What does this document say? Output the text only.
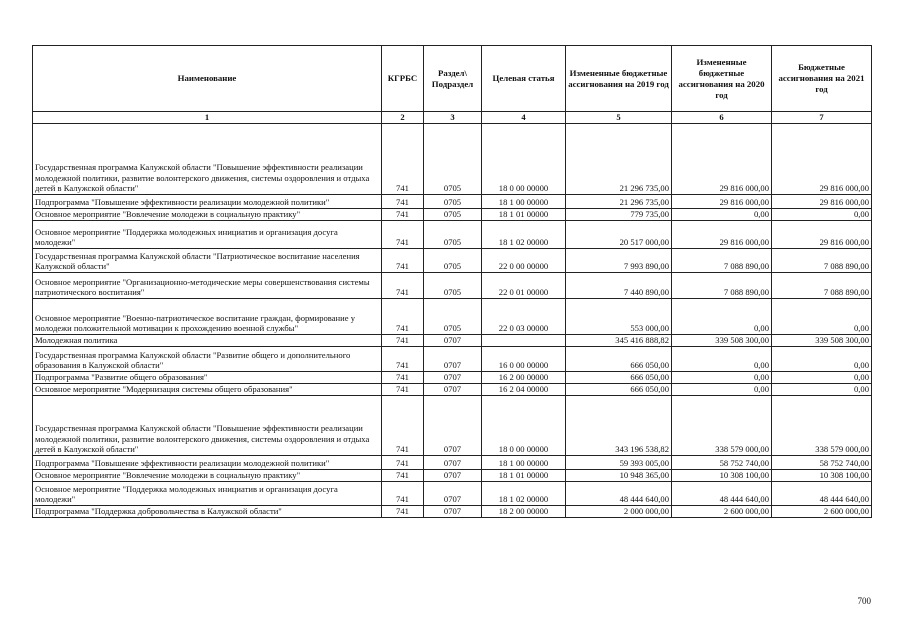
Наименование	КГРБС	Раздел\ Подраздел	Целевая статья	Измененные бюджетные ассигнования на 2019 год	Измененные бюджетные ассигнования на 2020 год	Бюджетные ассигнования на 2021 год
1	2	3	4	5	6	7
Государственная программа Калужской области "Повышение эффективности реализации молодежной политики, развитие волонтерского движения, системы оздоровления и отдыха детей в Калужской области"	741	0705	18 0 00 00000	21 296 735,00	29 816 000,00	29 816 000,00
Подпрограмма "Повышение эффективности реализации молодежной политики"	741	0705	18 1 00 00000	21 296 735,00	29 816 000,00	29 816 000,00
Основное мероприятие "Вовлечение молодежи в социальную практику"	741	0705	18 1 01 00000	779 735,00	0,00	0,00
Основное мероприятие "Поддержка молодежных инициатив и организация досуга молодежи"	741	0705	18 1 02 00000	20 517 000,00	29 816 000,00	29 816 000,00
Государственная программа Калужской области "Патриотическое воспитание населения Калужской области"	741	0705	22 0 00 00000	7 993 890,00	7 088 890,00	7 088 890,00
Основное мероприятие "Организационно-методические меры совершенствования системы патриотического воспитания"	741	0705	22 0 01 00000	7 440 890,00	7 088 890,00	7 088 890,00
Основное мероприятие "Военно-патриотическое воспитание граждан, формирование у молодежи положительной мотивации к прохождению военной службы"	741	0705	22 0 03 00000	553 000,00	0,00	0,00
Молодежная политика	741	0707		345 416 888,82	339 508 300,00	339 508 300,00
Государственная программа Калужской области "Развитие общего и дополнительного образования в Калужской области"	741	0707	16 0 00 00000	666 050,00	0,00	0,00
Подпрограмма "Развитие общего образования"	741	0707	16 2 00 00000	666 050,00	0,00	0,00
Основное мероприятие "Модернизация системы общего образования"	741	0707	16 2 04 00000	666 050,00	0,00	0,00
Государственная программа Калужской области "Повышение эффективности реализации молодежной политики, развитие волонтерского движения, системы оздоровления и отдыха детей в Калужской области"	741	0707	18 0 00 00000	343 196 538,82	338 579 000,00	338 579 000,00
Подпрограмма "Повышение эффективности реализации молодежной политики"	741	0707	18 1 00 00000	59 393 005,00	58 752 740,00	58 752 740,00
Основное мероприятие "Вовлечение молодежи в социальную практику"	741	0707	18 1 01 00000	10 948 365,00	10 308 100,00	10 308 100,00
Основное мероприятие "Поддержка молодежных инициатив и организация досуга молодежи"	741	0707	18 1 02 00000	48 444 640,00	48 444 640,00	48 444 640,00
Подпрограмма "Поддержка добровольчества в Калужской области"	741	0707	18 2 00 00000	2 000 000,00	2 600 000,00	2 600 000,00
700
